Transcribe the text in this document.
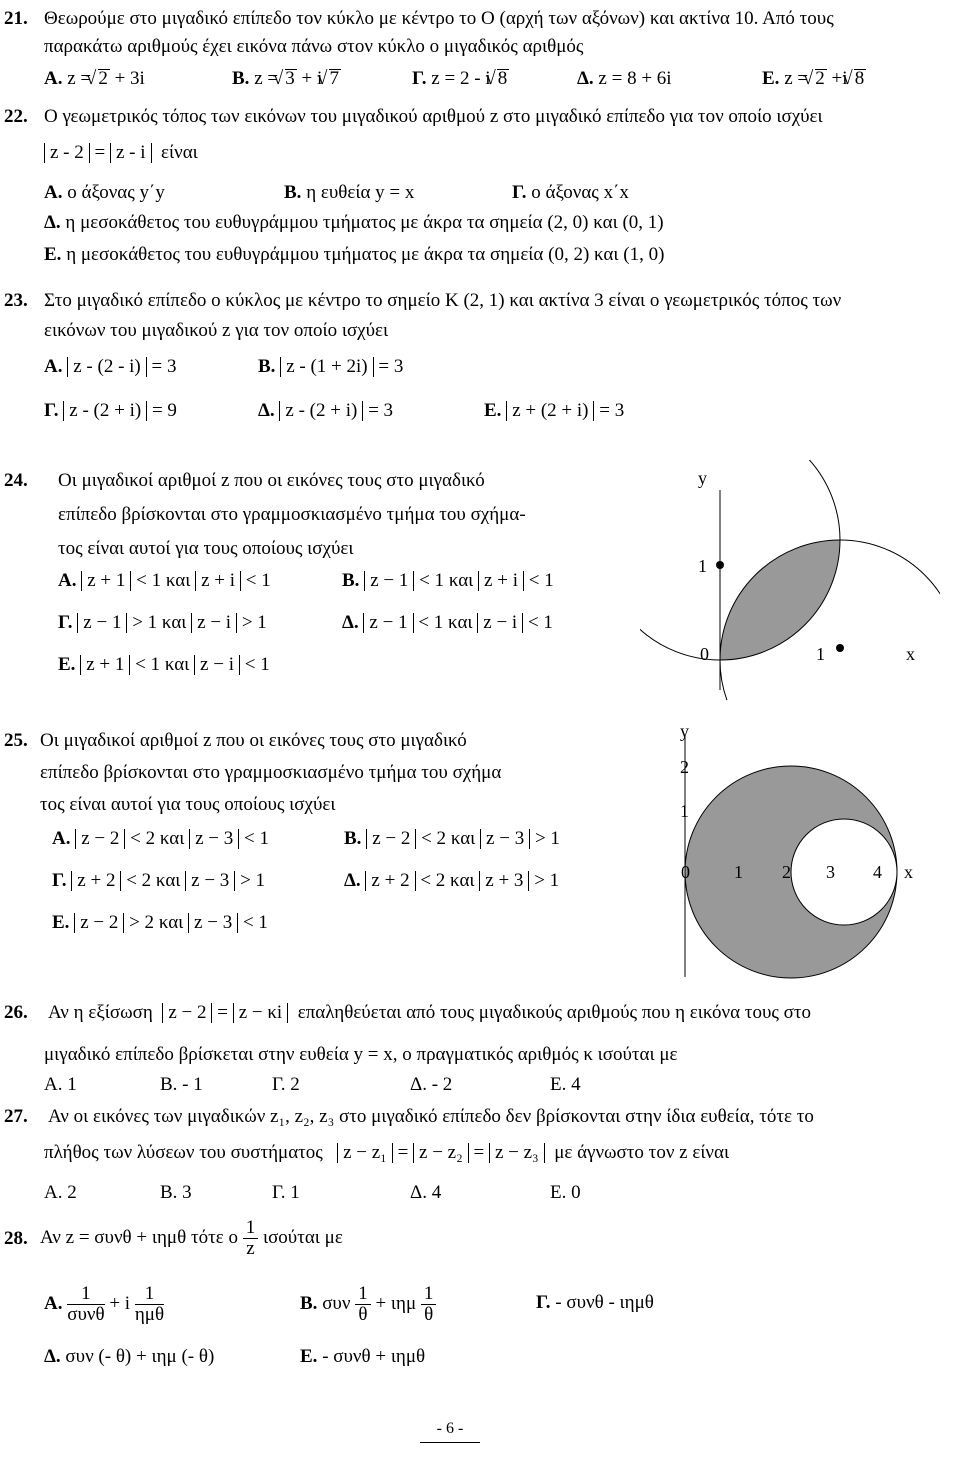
21. Θεωρούμε στο μιγαδικό επίπεδο τον κύκλο με κέντρο το Ο (αρχή των αξόνων) και ακτίνα 10. Από τους
παρακάτω αριθμούς έχει εικόνα πάνω στον κύκλο ο μιγαδικός αριθμός
Α. z = √ 2 + 3i	Β. z = √ 3 + i √ 7	Γ. z = 2 - i √ 8	Δ. z = 8 + 6i	Ε. z = √ 2 +i √ 8
22. Ο γεωμετρικός τόπος των εικόνων του μιγαδικού αριθμού z στο μιγαδικό επίπεδο για τον οποίο ισχύει
z - 2 = z - i είναι
Α. ο άξονας y΄y	Β. η ευθεία y = x	Γ. ο άξονας x΄x
Δ. η μεσοκάθετος του ευθυγράμμου τμήματος με άκρα τα σημεία (2, 0) και (0, 1)
Ε. η μεσοκάθετος του ευθυγράμμου τμήματος με άκρα τα σημεία (0, 2) και (1, 0)
23. Στο μιγαδικό επίπεδο ο κύκλος με κέντρο το σημείο Κ (2, 1) και ακτίνα 3 είναι ο γεωμετρικός τόπος των
εικόνων του μιγαδικού z για τον οποίο ισχύει
Α. z - (2 - i) = 3	Β. z - (1 + 2i) = 3
Γ. z - (2 + i) = 9	Δ. z - (2 + i) = 3	Ε. z + (2 + i) = 3
24. Οι μιγαδικοί αριθμοί z που οι εικόνες τους στο μιγαδικό
επίπεδο βρίσκονται στο γραμμοσκιασμένο τμήμα του σχήμα-
τος είναι αυτοί για τους οποίους ισχύει
Α. z + 1 < 1 και z + i < 1	Β. z − 1 < 1 και z + i < 1
Γ. z − 1 > 1 και z − i > 1	Δ. z − 1 < 1 και z − i < 1
Ε. z + 1 < 1 και z − i < 1
y
1
0	1	x
25. Οι μιγαδικοί αριθμοί z που οι εικόνες τους στο μιγαδικό
επίπεδο βρίσκονται στο γραμμοσκιασμένο τμήμα του σχήμα
τος είναι αυτοί για τους οποίους ισχύει
Α. z − 2 < 2 και z − 3 < 1	Β. z − 2 < 2 και z − 3 > 1
Γ. z + 2 < 2 και z − 3 > 1	Δ. z + 2 < 2 και z + 3 > 1
Ε. z − 2 > 2 και z − 3 < 1
y
2
1
0 1 2 3 4 x
26. Αν η εξίσωση z − 2 = z − κi επαληθεύεται από τους μιγαδικούς αριθμούς που η εικόνα τους στο
μιγαδικό επίπεδο βρίσκεται στην ευθεία y = x, ο πραγματικός αριθμός κ ισούται με
Α. 1	Β. - 1	Γ. 2	Δ. - 2	Ε. 4
27. Αν οι εικόνες των μιγαδικών z₁, z₂, z₃ στο μιγαδικό επίπεδο δεν βρίσκονται στην ίδια ευθεία, τότε το
πλήθος των λύσεων του συστήματος z − z₁ = z − z₂ = z − z₃ με άγνωστο τον z είναι
Α. 2	Β. 3	Γ. 1	Δ. 4	Ε. 0
28. Αν z = συνθ + ιημθ τότε ο $\frac{1}{z}$ ισούται με
Α. $\frac{1}{\text{συνθ}} + i \frac{1}{\text{ημθ}}$	Β. συν $\frac{1}{\theta} + \iota\eta\mu \frac{1}{\theta}$	Γ. - συνθ - ιημθ
Δ. συν (- θ) + ιημ (- θ)	Ε. - συνθ + ιημθ
- 6 -
